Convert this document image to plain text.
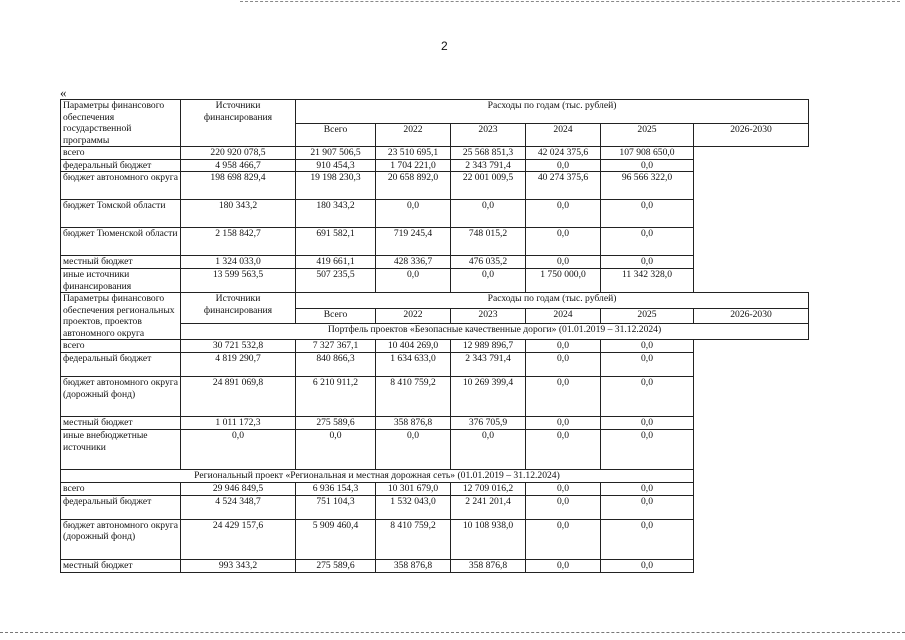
2
«
Параметры финансового обеспечения государственной программы	Источники финансирования	Расходы по годам (тыс. рублей)					
		Всего	2022	2023	2024	2025	2026-2030
всего	220 920 078,5	21 907 506,5	23 510 695,1	25 568 851,3	42 024 375,6	107 908 650,0	
федеральный бюджет	4 958 466,7	910 454,3	1 704 221,0	2 343 791,4	0,0	0,0	
бюджет автономного округа	198 698 829,4	19 198 230,3	20 658 892,0	22 001 009,5	40 274 375,6	96 566 322,0	
бюджет Томской области	180 343,2	180 343,2	0,0	0,0	0,0	0,0	
бюджет Тюменской области	2 158 842,7	691 582,1	719 245,4	748 015,2	0,0	0,0	
местный бюджет	1 324 033,0	419 661,1	428 336,7	476 035,2	0,0	0,0	
иные источники финансирования	13 599 563,5	507 235,5	0,0	0,0	1 750 000,0	11 342 328,0	
Параметры финансового обеспечения региональных проектов, проектов автономного округа	Источники финансирования	Расходы по годам (тыс. рублей)					
		Всего	2022	2023	2024	2025	2026-2030
	Портфель проектов «Безопасные качественные дороги» (01.01.2019 – 31.12.2024)						
всего	30 721 532,8	7 327 367,1	10 404 269,0	12 989 896,7	0,0	0,0	
федеральный бюджет	4 819 290,7	840 866,3	1 634 633,0	2 343 791,4	0,0	0,0	
бюджет автономного округа (дорожный фонд)	24 891 069,8	6 210 911,2	8 410 759,2	10 269 399,4	0,0	0,0	
местный бюджет	1 011 172,3	275 589,6	358 876,8	376 705,9	0,0	0,0	
иные внебюджетные источники	0,0	0,0	0,0	0,0	0,0	0,0	
Региональный проект «Региональная и местная дорожная сеть» (01.01.2019 – 31.12.2024)							
всего	29 946 849,5	6 936 154,3	10 301 679,0	12 709 016,2	0,0	0,0	
федеральный бюджет	4 524 348,7	751 104,3	1 532 043,0	2 241 201,4	0,0	0,0	
бюджет автономного округа (дорожный фонд)	24 429 157,6	5 909 460,4	8 410 759,2	10 108 938,0	0,0	0,0	
местный бюджет	993 343,2	275 589,6	358 876,8	358 876,8	0,0	0,0	
